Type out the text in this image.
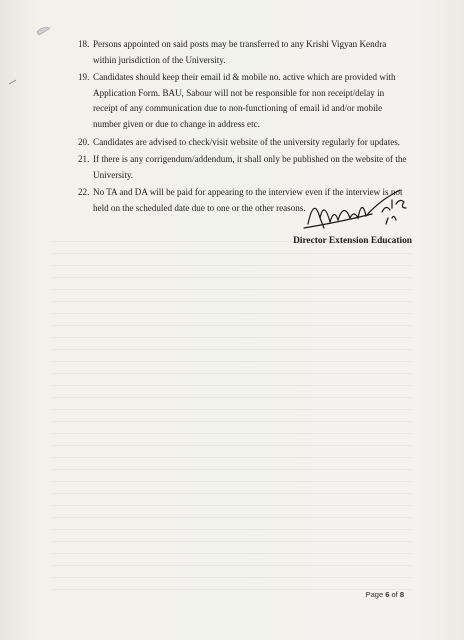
18. Persons appointed on said posts may be transferred to any Krishi Vigyan Kendra

within jurisdiction of the University.

19. Candidates should keep their email id & mobile no. active which are provided with

Application Form. BAU, Sabour will not be responsible for non receipt/delay in

receipt of any communication due to non-functioning of email id and/or mobile

number given or due to change in address etc.

20. Candidates are advised to check/visit website of the university regularly for updates.

21. If there is any corrigendum/addendum, it shall only be published on the website of the

University.

22. No TA and DA will be paid for appearing to the interview even if the interview is not

held on the scheduled date due to one or the other reasons.

Director Extension Education
Page 6 of 8
